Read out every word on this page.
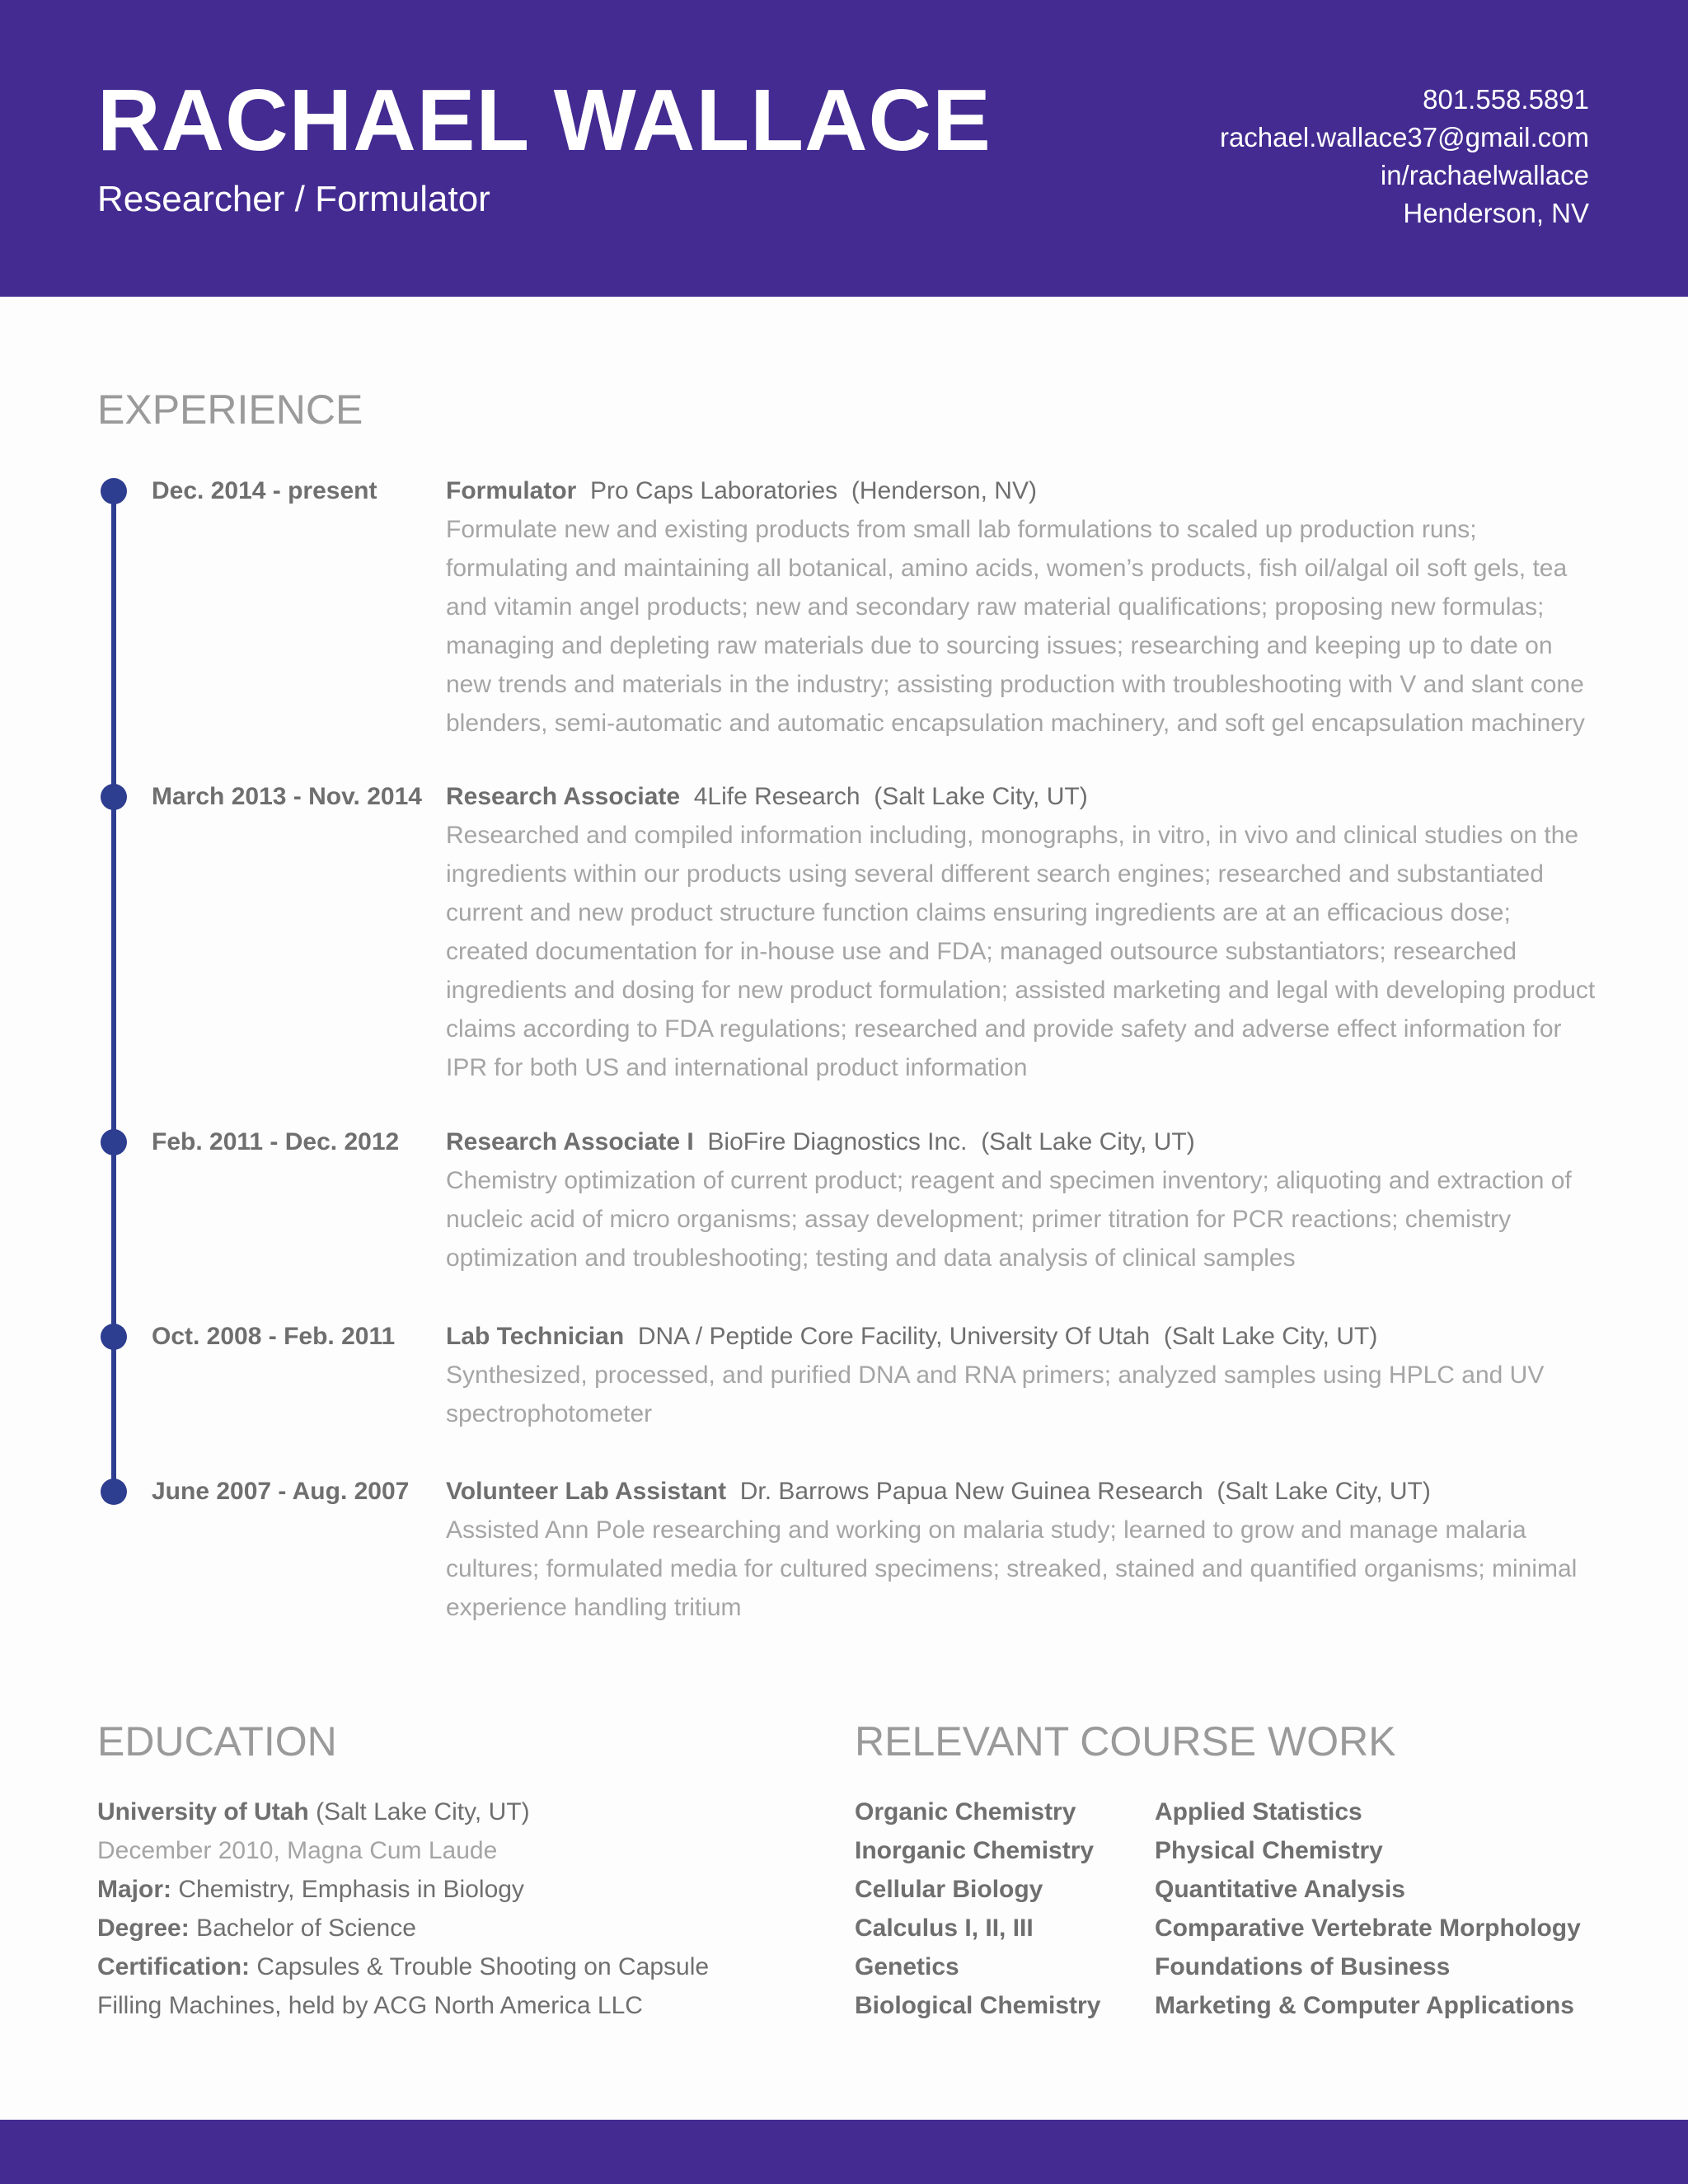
RACHAEL WALLACE
Researcher / Formulator
801.558.5891
rachael.wallace37@gmail.com
in/rachaelwallace
Henderson, NV
EXPERIENCE
Dec. 2014 - present	Formulator Pro Caps Laboratories (Henderson, NV)

Formulate new and existing products from small lab formulations to scaled up production runs; formulating and maintaining all botanical, amino acids, women’s products, fish oil/algal oil soft gels, tea and vitamin angel products; new and secondary raw material qualifications; proposing new formulas; managing and depleting raw materials due to sourcing issues; researching and keeping up to date on new trends and materials in the industry; assisting production with troubleshooting with V and slant cone blenders, semi-automatic and automatic encapsulation machinery, and soft gel encapsulation machinery

March 2013 - Nov. 2014 Research Associate 4Life Research (Salt Lake City, UT)

Researched and compiled information including, monographs, in vitro, in vivo and clinical studies on the ingredients within our products using several different search engines; researched and substantiated current and new product structure function claims ensuring ingredients are at an efficacious dose; created documentation for in-house use and FDA; managed outsource substantiators; researched ingredients and dosing for new product formulation; assisted marketing and legal with developing product claims according to FDA regulations; researched and provide safety and adverse effect information for IPR for both US and international product information

Feb. 2011 - Dec. 2012 Research Associate I BioFire Diagnostics Inc. (Salt Lake City, UT)

Chemistry optimization of current product; reagent and specimen inventory; aliquoting and extraction of nucleic acid of micro organisms; assay development; primer titration for PCR reactions; chemistry optimization and troubleshooting; testing and data analysis of clinical samples

Oct. 2008 - Feb. 2011 Lab Technician DNA / Peptide Core Facility, University Of Utah (Salt Lake City, UT)

Synthesized, processed, and purified DNA and RNA primers; analyzed samples using HPLC and UV spectrophotometer

June 2007 - Aug. 2007 Volunteer Lab Assistant Dr. Barrows Papua New Guinea Research (Salt Lake City, UT)

Assisted Ann Pole researching and working on malaria study; learned to grow and manage malaria cultures; formulated media for cultured specimens; streaked, stained and quantified organisms; minimal experience handling tritium

EDUCATION
University of Utah (Salt Lake City, UT)
December 2010, Magna Cum Laude
Major: Chemistry, Emphasis in Biology
Degree: Bachelor of Science
Certification: Capsules & Trouble Shooting on Capsule
Filling Machines, held by ACG North America LLC
RELEVANT COURSE WORK
Organic Chemistry
Inorganic Chemistry
Cellular Biology
Calculus I, II, III
Genetics
Biological Chemistry
Applied Statistics
Physical Chemistry
Quantitative Analysis
Comparative Vertebrate Morphology
Foundations of Business
Marketing & Computer Applications
